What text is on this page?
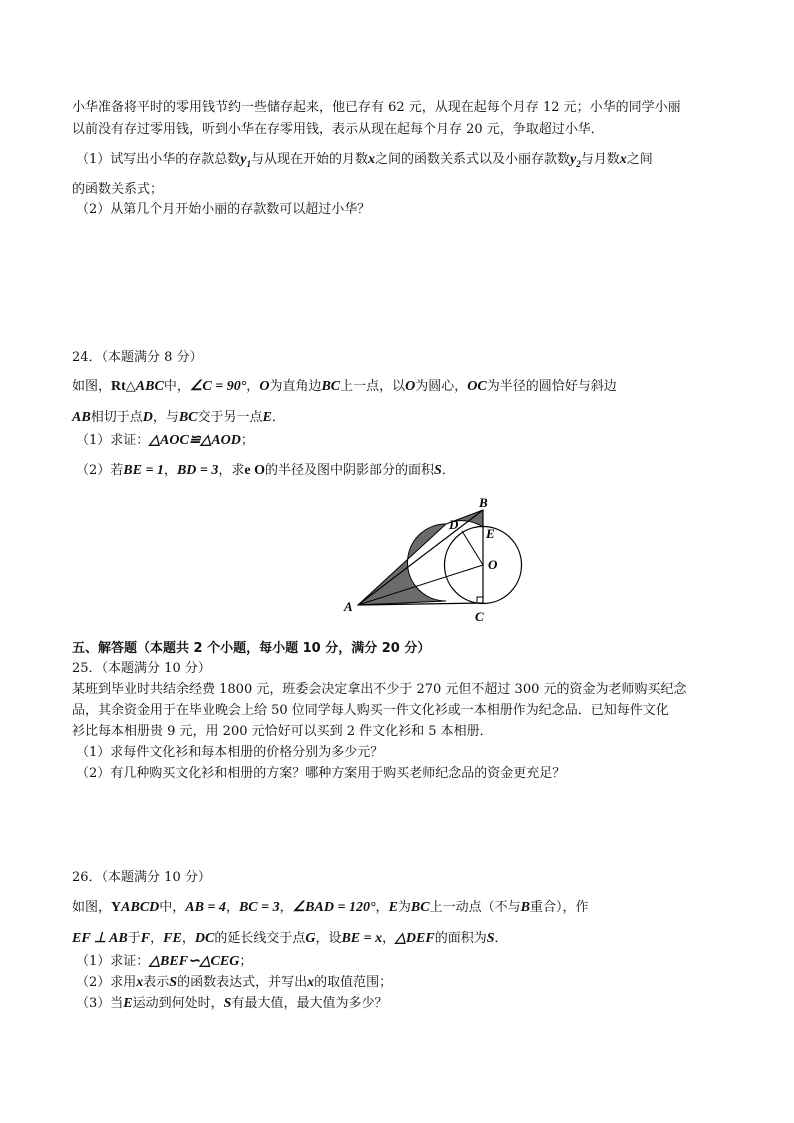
小华准备将平时的零用钱节约一些储存起来，他已存有 62 元，从现在起每个月存 12 元；小华的同学小丽
以前没有存过零用钱，听到小华在存零用钱，表示从现在起每个月存 20 元，争取超过小华．
（1）试写出小华的存款总数$y_1$与从现在开始的月数x之间的函数关系式以及小丽存款数$y_2$与月数x之间
的函数关系式；
（2）从第几个月开始小丽的存款数可以超过小华？
24．（本题满分 8 分）
如图，Rt△ABC中，∠C = 90°，O为直角边BC上一点，以O为圆心，OC为半径的圆恰好与斜边
AB相切于点D，与BC交于另一点E．
（1）求证：△AOC≌△AOD；
（2）若BE = 1，BD = 3，求e O的半径及图中阴影部分的面积S．
A
B
C
D
E
O
五、解答题（本题共 2 个小题，每小题 10 分，满分 20 分）
25．（本题满分 10 分）
某班到毕业时共结余经费 1800 元，班委会决定拿出不少于 270 元但不超过 300 元的资金为老师购买纪念
品，其余资金用于在毕业晚会上给 50 位同学每人购买一件文化衫或一本相册作为纪念品．已知每件文化
衫比每本相册贵 9 元，用 200 元恰好可以买到 2 件文化衫和 5 本相册．
（1）求每件文化衫和每本相册的价格分别为多少元？
（2）有几种购买文化衫和相册的方案？哪种方案用于购买老师纪念品的资金更充足？
26．（本题满分 10 分）
如图，YABCD中，AB = 4，BC = 3，∠BAD = 120°，E为BC上一动点（不与B重合），作
EF ⊥ AB于F，FE，DC的延长线交于点G，设BE = x，△DEF的面积为S．
（1）求证：△BEF∽△CEG；
（2）求用x表示S的函数表达式，并写出x的取值范围；
（3）当E运动到何处时，S有最大值，最大值为多少？
